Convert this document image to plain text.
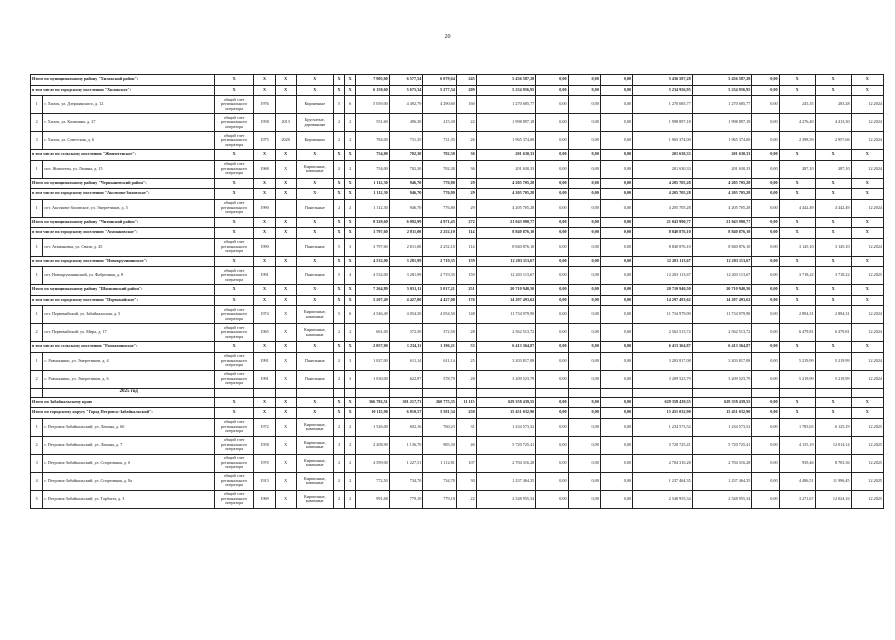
20
Итого по муниципальному району "Хилокский район":		X	X	X	X	X	X	7 905,60	6 577,54	6 079,64	245	5 436 587,28	0,00	0,00	0,00	5 436 587,28	5 436 587,28	0,00	X	X	X
в том числе по городскому поселению "Хилокское":		X	X	X	X	X	X	6 150,60	5 675,34	5 277,34	209	5 234 956,95	0,00	0,00	0,00	5 234 956,95	5 234 956,95	0,00	X	X	X
1	г. Хилок, ул. Дзержинского, д. 12	общий счет регионального оператора	1976		Кирпичные	5	6	5 039,00	4 492,79	4 290,60	160	1 270 685,77	0,00	0,00	0,00	1 270 685,77	1 270 685,77	0,00	245,35	283,28	12.2024
2	г. Хилок, ул. Калинина, д. 27	общий счет регионального оператора	1958	2013	Брусчатые, деревянные	2	2	551,60	496,30	215,30	22	1 998 897,18	0,00	0,00	0,00	1 998 897,18	1 998 897,18	0,00	4 276,40	4 413,30	12.2024
3	г. Хилок, ул. Советская, д. 6	общий счет регионального оператора	1975	2020	Кирпичные	2	2	784,00	731,35	731,35	26	1 965 374,00	0,00	0,00	0,00	1 965 374,00	1 965 374,00	0,00	2 398,59	2 957,66	12.2024
в том числе по сельскому поселению "Жипхегенское":		X	X	X	X	X	X	754,00	702,30	702,30	36	201 630,33	0,00	0,00	0,00	201 630,33	201 630,33	0,00	X	X	X
1	пос. Жипхеген, ул. Ленина, д. 15	общий счет регионального оператора	1968	X	Кирпичные, каменные	2	2	754,00	702,30	702,30	36	201 630,33	0,00	0,00	0,00	201 630,33	201 630,33	0,00	287,10	287,10	12.2024
Итого по муниципальному району "Чернышевский район":		X	X	X	X	X	X	1 112,30	946,70	776,80	29	4 205 705,28	0,00	0,00	0,00	4 205 705,28	4 205 705,28	0,00	X	X	X
в том числе по городскому поселению "Аксеново-Зиловское":		X	X	X	X	X	X	1 112,30	946,70	776,80	29	4 205 705,28	0,00	0,00	0,00	4 205 705,28	4 205 705,28	0,00	X	X	X
1	пгт. Аксеново-Зиловское, ул. Энергетиков, д. 3	общий счет регионального оператора	1990		Панельные	2	2	1 112,30	946,70	776,80	29	4 205 705,28	0,00	0,00	0,00	4 205 705,28	4 205 705,28	0,00	4 442,49	4 442,49	12.2024
Итого по муниципальному району "Читинский район":		X	X	X	X	X	X	8 329,60	6 092,99	4 971,45	272	21 043 990,77	0,00	0,00	0,00	21 043 990,77	21 043 990,77	0,00	X	X	X
в том числе по городскому поселению "Атамановское":		X	X	X	X	X	X	3 797,60	2 811,00	2 252,10	114	8 840 876,10	0,00	0,00	0,00	8 840 876,10	8 840 876,10	0,00	X	X	X
1	пгт. Атамановка, ул. Связи, д. 45	общий счет регионального оператора	1990		Панельные	5	3	3 797,60	2 811,00	2 252,10	114	8 840 876,10	0,00	0,00	0,00	8 840 876,10	8 840 876,10	0,00	3 145,10	3 145,10	12.2024
в том числе по городскому поселению "Новокручининское":		X	X	X	X	X	X	4 532,00	3 281,99	2 719,35	159	12 203 113,67	0,00	0,00	0,00	12 203 113,67	12 203 113,67	0,00	X	X	X
1	пгт. Новокручининский, ул. Фабричная, д. 8	общий счет регионального оператора	1991		Панельные	5	4	4 532,00	3 281,99	2 719,35	159	12 203 113,67	0,00	0,00	0,00	12 203 113,67	12 203 113,67	0,00	3 718,22	3 718,22	12.2025
Итого по муниципальному району "Шилкинский район":		X	X	X	X	X	X	7 264,89	5 051,11	5 017,21	251	20 710 940,50	0,00	0,00	0,00	20 710 940,50	20 710 940,50	0,00	X	X	X
в том числе по городскому поселению "Первомайское":		X	X	X	X	X	X	5 207,49	4 427,00	4 427,00	176	14 297 493,62	0,00	0,00	0,00	14 297 493,62	14 297 493,62	0,00	X	X	X
1	пгт. Первомайский, ул. Забайкальская, д. 5	общий счет регионального оператора	1974	X	Кирпичные, каменные	5	6	4 546,49	4 054,50	4 054,50	148	11 734 979,90	0,00	0,00	0,00	11 734 979,90	11 734 979,90	0,00	2 894,31	2 894,31	12.2024
2	пгт. Первомайский, ул. Мира, д. 17	общий счет регионального оператора	1965	X	Кирпичные, каменные	2	2	661,00	372,50	372,50	28	2 562 513,72	0,00	0,00	0,00	2 562 513,72	2 562 513,72	0,00	6 479,81	6 479,81	12.2024
в том числе по сельскому поселению "Размахнинское":		X	X	X	X	X	X	2 057,00	1 234,11	1 196,21	53	6 413 364,87	0,00	0,00	0,00	6 413 364,87	6 413 364,87	0,00	X	X	X
1	с. Размахнино, ул. Энергетиков, д. 4	общий счет регионального оператора	1991	X	Панельные	2	3	1 027,00	611,14	611,14	25	3 203 817,08	0,00	0,00	0,00	3 203 817,08	3 203 817,08	0,00	5 219,99	5 219,99	12.2024
2	с. Размахнино, ул. Энергетиков, д. 6	общий счет регионального оператора	1991	X	Панельные	2	3	1 030,00	622,97	578,79	28	3 209 523,79	0,00	0,00	0,00	3 209 523,79	3 209 523,79	0,00	5 219,99	5 219,99	12.2024
	2025 год																				
Итого по Забайкальскому краю		X	X	X	X	X	X	366 782,51	301 217,73	260 775,35	11 115	629 358 439,55	0,00	0,00	0,00	629 358 439,55	629 358 439,55	0,00	X	X	X
Итого по городскому округу "Город Петровск-Забайкальский":		X	X	X	X	X	X	10 115,90	6 810,57	5 581,34	250	15 451 032,90	0,00	0,00	0,00	15 451 032,90	15 451 032,90	0,00	X	X	X
1	г. Петровск-Забайкальский, ул. Ленина, д. 60	общий счет регионального оператора	1972	X	Кирпичные, каменные	2	2	1 526,00	692,16	760,23	31	1 234 573,52	0,00	0,00	0,00	1 234 573,52	1 234 573,52	0,00	1 783,65	6 125,19	12.2025
2	г. Петровск-Забайкальский, ул. Ленина, д. 7	общий счет регионального оператора	1958	X	Кирпичные, каменные	3	2	2 208,90	1 136,70	985,30	46	5 720 725,41	0,00	0,00	0,00	5 720 725,41	5 720 725,41	0,00	4 135,19	12 014,14	12.2025
3	г. Петровск-Забайкальский, ул. Спортивная, д. 6	общий счет регионального оператора	1970	X	Кирпичные, каменные	2	2	4 599,00	1 227,51	1 112,81	107	2 704 316,28	0,00	0,00	0,00	2 704 316,28	2 704 316,28	0,00	939,46	8 703,36	12.2025
4	г. Петровск-Забайкальский, ул. Спортивная, д. 8а	общий счет регионального оператора	1913	X	Кирпичные, каменные	2	2	772,50	734,70	734,70	30	1 237 464,35	0,00	0,00	0,00	1 237 464,35	1 237 464,35	0,00	4 486,51	11 996,45	12.2025
5	г. Петровск-Забайкальский, ул. Тарбагат, д. 3	общий счет регионального оператора	1969	X	Кирпичные, каменные	2	2	991,68	779,10	779,10	22	2 548 955,34	0,00	0,00	0,00	2 548 955,34	2 548 955,34	0,00	3 271,67	12 024,16	12.2025
